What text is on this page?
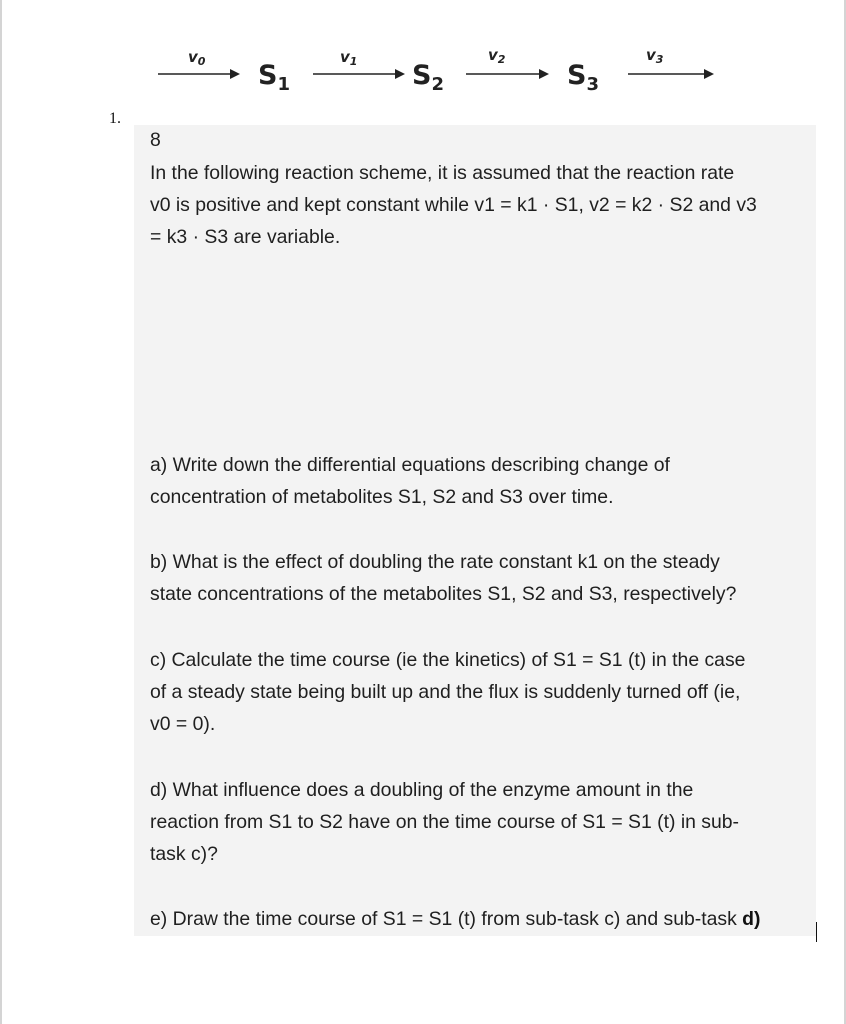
$v_0$	$v_1$	$v_2$	$v_3$
$S_1$	$S_2$	$S_3$
1.
8
In the following reaction scheme, it is assumed that the reaction rate
v0 is positive and kept constant while v1 = k1 · S1, v2 = k2 · S2 and v3
= k3 · S3 are variable.
a) Write down the differential equations describing change of
concentration of metabolites S1, S2 and S3 over time.
b) What is the effect of doubling the rate constant k1 on the steady
state concentrations of the metabolites S1, S2 and S3, respectively?
c) Calculate the time course (ie the kinetics) of S1 = S1 (t) in the case
of a steady state being built up and the flux is suddenly turned off (ie,
v0 = 0).
d) What influence does a doubling of the enzyme amount in the
reaction from S1 to S2 have on the time course of S1 = S1 (t) in sub-
task c)?
e) Draw the time course of S1 = S1 (t) from sub-task c) and sub-task d)
